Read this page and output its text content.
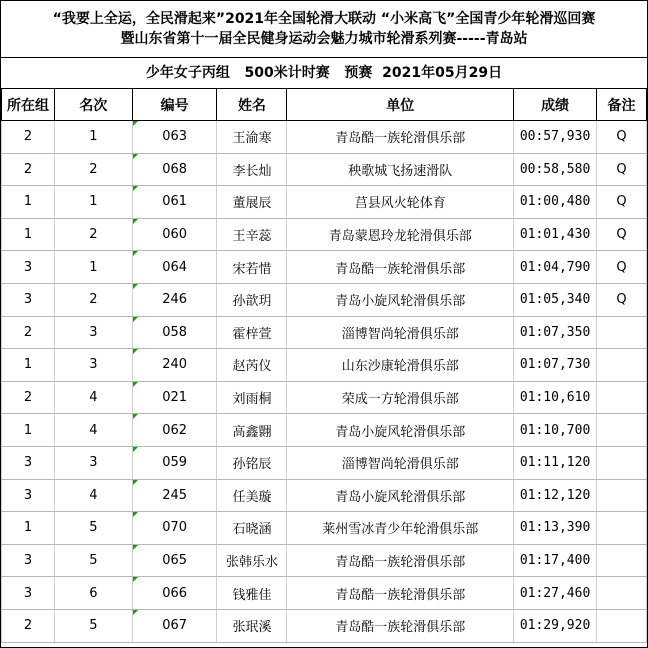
“我要上全运，全民滑起来”2021年全国轮滑大联动 “小米高飞”全国青少年轮滑巡回赛
暨山东省第十一届全民健身运动会魅力城市轮滑系列赛-----青岛站
少年女子丙组   500米计时赛   预赛  2021年05月29日
所在组	名次	编号	姓名	单位	成绩	备注
2	1	063	王渝寒	青岛酷一族轮滑俱乐部	00:57,930	Q
2	2	068	李长灿	秧歌城飞扬速滑队	00:58,580	Q
1	1	061	董展辰	莒县风火轮体育	01:00,480	Q
1	2	060	王辛蕊	青岛蒙恩玲龙轮滑俱乐部	01:01,430	Q
3	1	064	宋若惜	青岛酷一族轮滑俱乐部	01:04,790	Q
3	2	246	孙歆玥	青岛小旋风轮滑俱乐部	01:05,340	Q
2	3	058	霍梓萱	淄博智尚轮滑俱乐部	01:07,350	
1	3	240	赵芮仪	山东沙康轮滑俱乐部	01:07,730	
2	4	021	刘雨桐	荣成一方轮滑俱乐部	01:10,610	
1	4	062	高鑫翾	青岛小旋风轮滑俱乐部	01:10,700	
3	3	059	孙铭辰	淄博智尚轮滑俱乐部	01:11,120	
3	4	245	任美璇	青岛小旋风轮滑俱乐部	01:12,120	
1	5	070	石晓涵	莱州雪冰青少年轮滑俱乐部	01:13,390	
3	5	065	张韩乐水	青岛酷一族轮滑俱乐部	01:17,400	
3	6	066	钱雅佳	青岛酷一族轮滑俱乐部	01:27,460	
2	5	067	张珉溪	青岛酷一族轮滑俱乐部	01:29,920	
